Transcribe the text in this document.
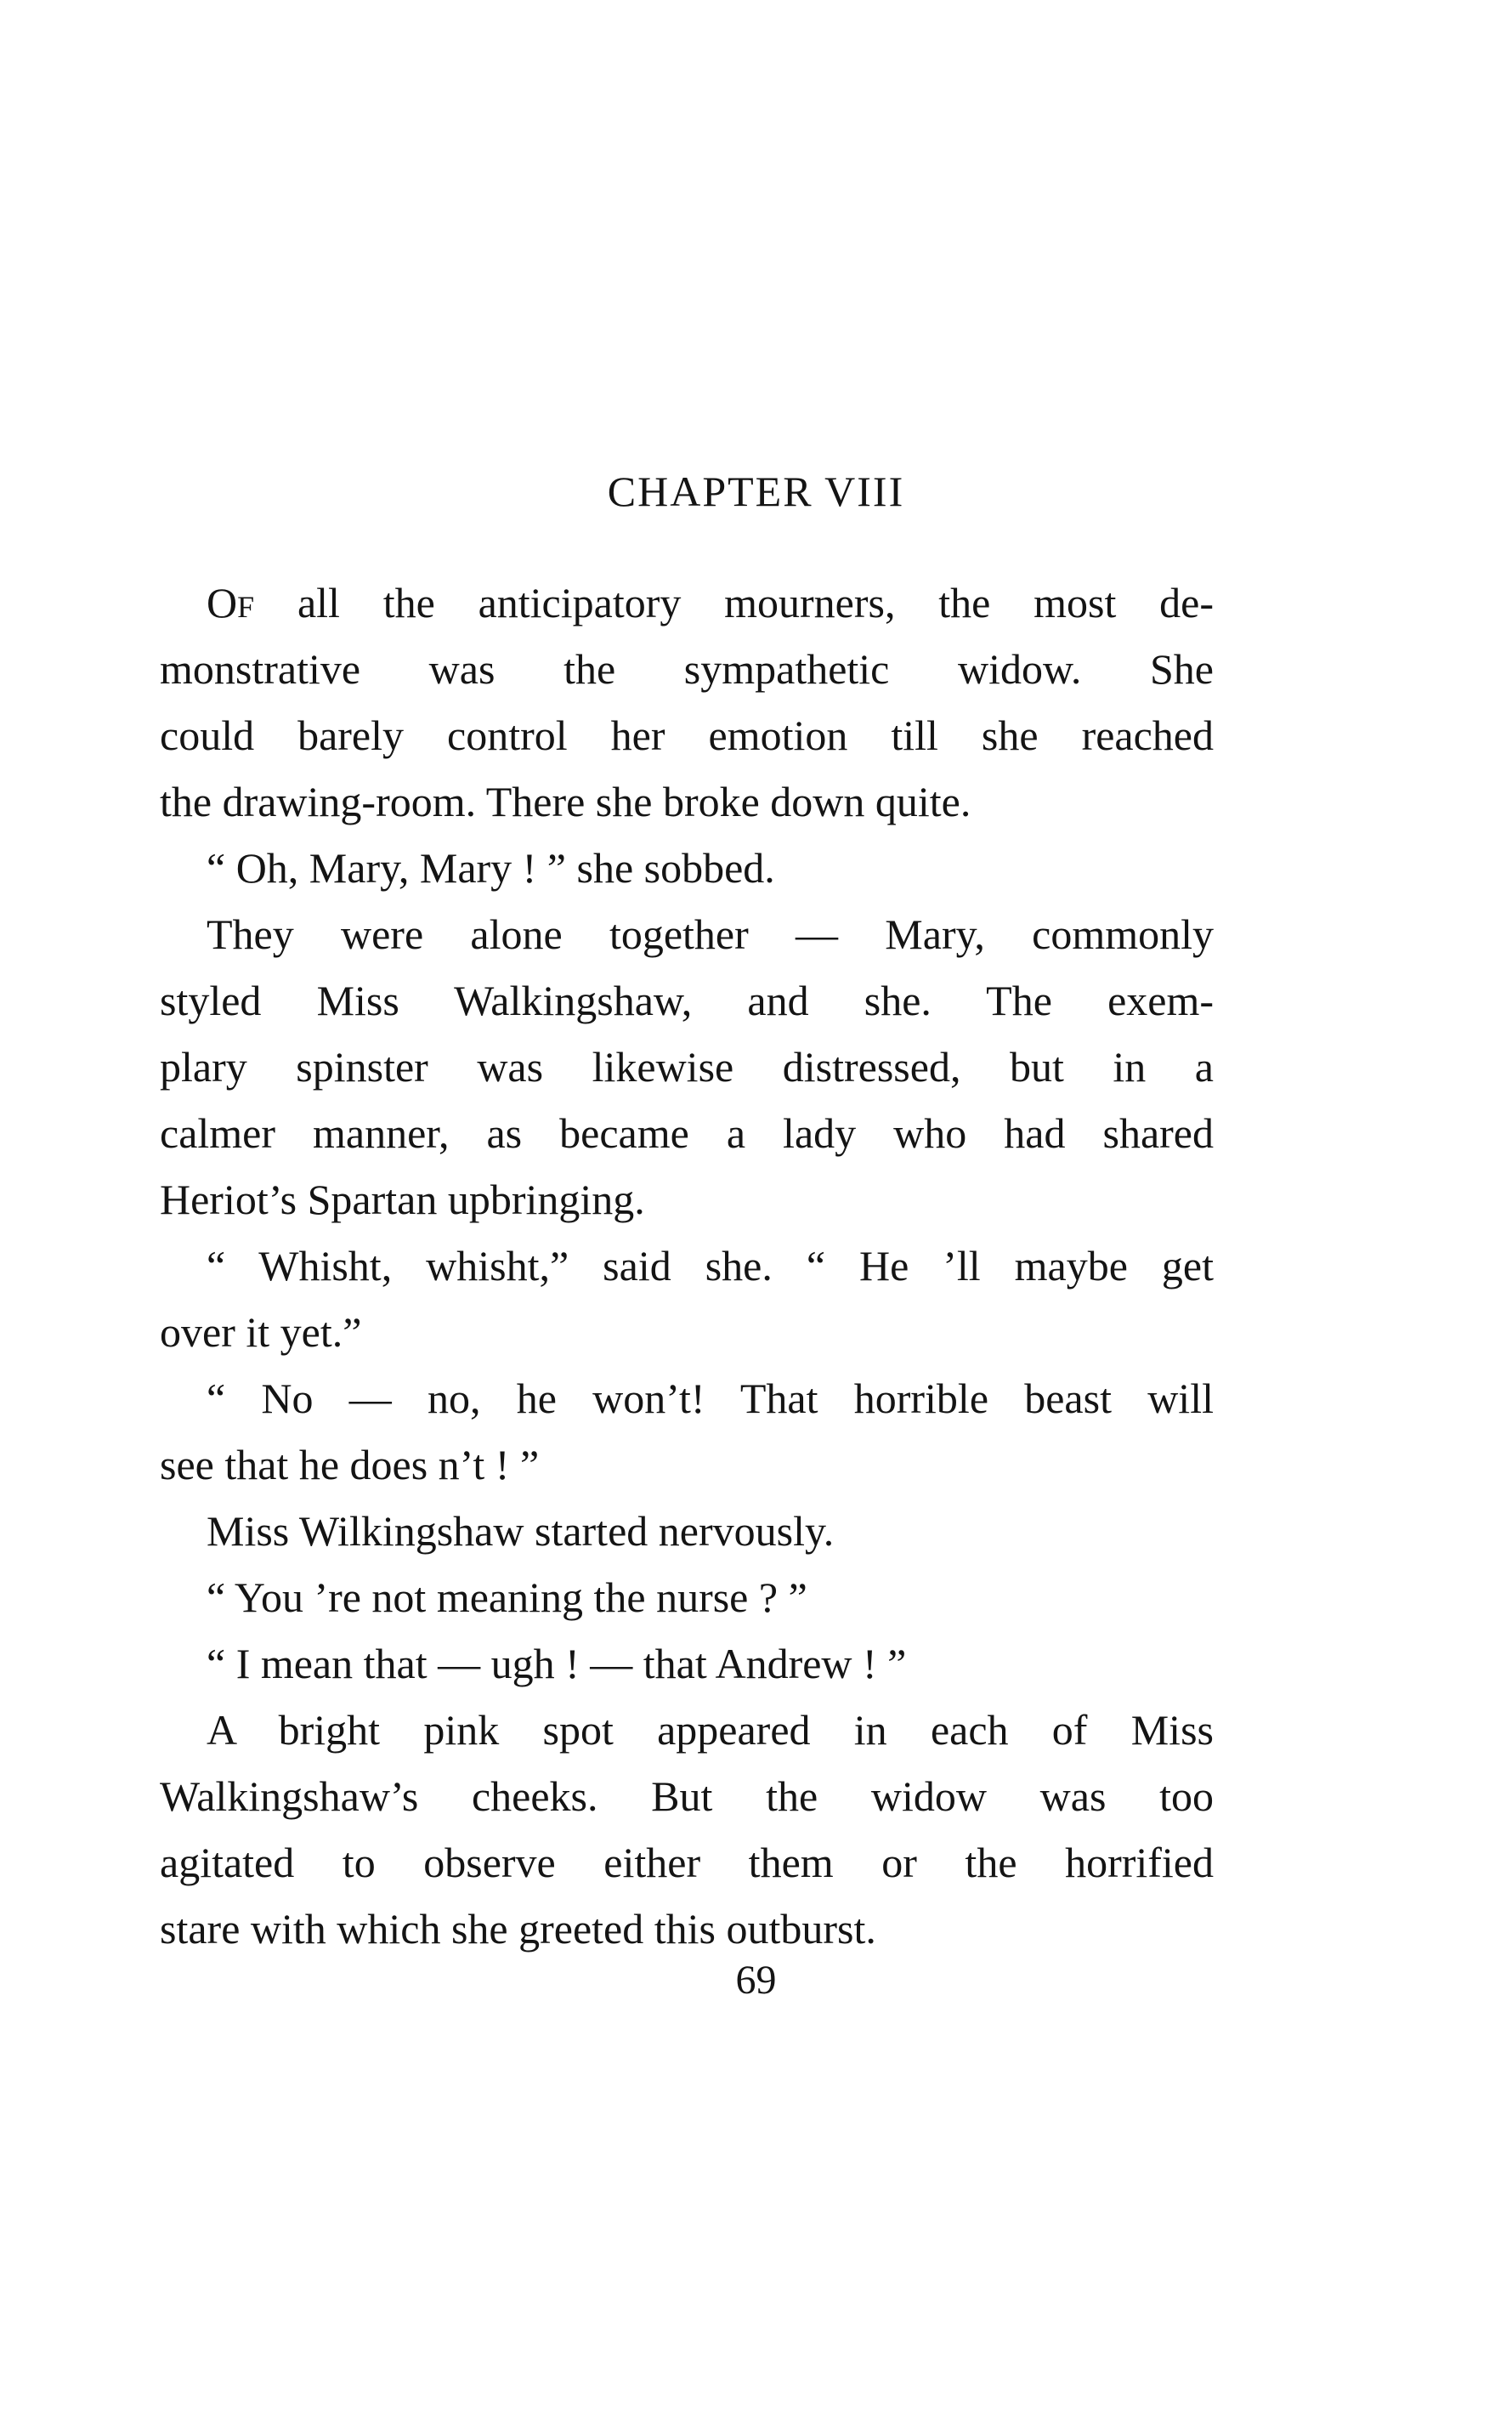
CHAPTER VIII
OF all the anticipatory mourners, the most de-
monstrative was the sympathetic widow. She
could barely control her emotion till she reached
the drawing-room. There she broke down quite.
“ Oh, Mary, Mary ! ” she sobbed.
They were alone together — Mary, commonly
styled Miss Walkingshaw, and she. The exem-
plary spinster was likewise distressed, but in a
calmer manner, as became a lady who had shared
Heriot’s Spartan upbringing.
“ Whisht, whisht,” said she. “ He ’ll maybe get
over it yet.”
“ No — no, he won’t! That horrible beast will
see that he does n’t ! ”
Miss Wilkingshaw started nervously.
“ You ’re not meaning the nurse ? ”
“ I mean that — ugh ! — that Andrew ! ”
A bright pink spot appeared in each of Miss
Walkingshaw’s cheeks. But the widow was too
agitated to observe either them or the horrified
stare with which she greeted this outburst.
69
